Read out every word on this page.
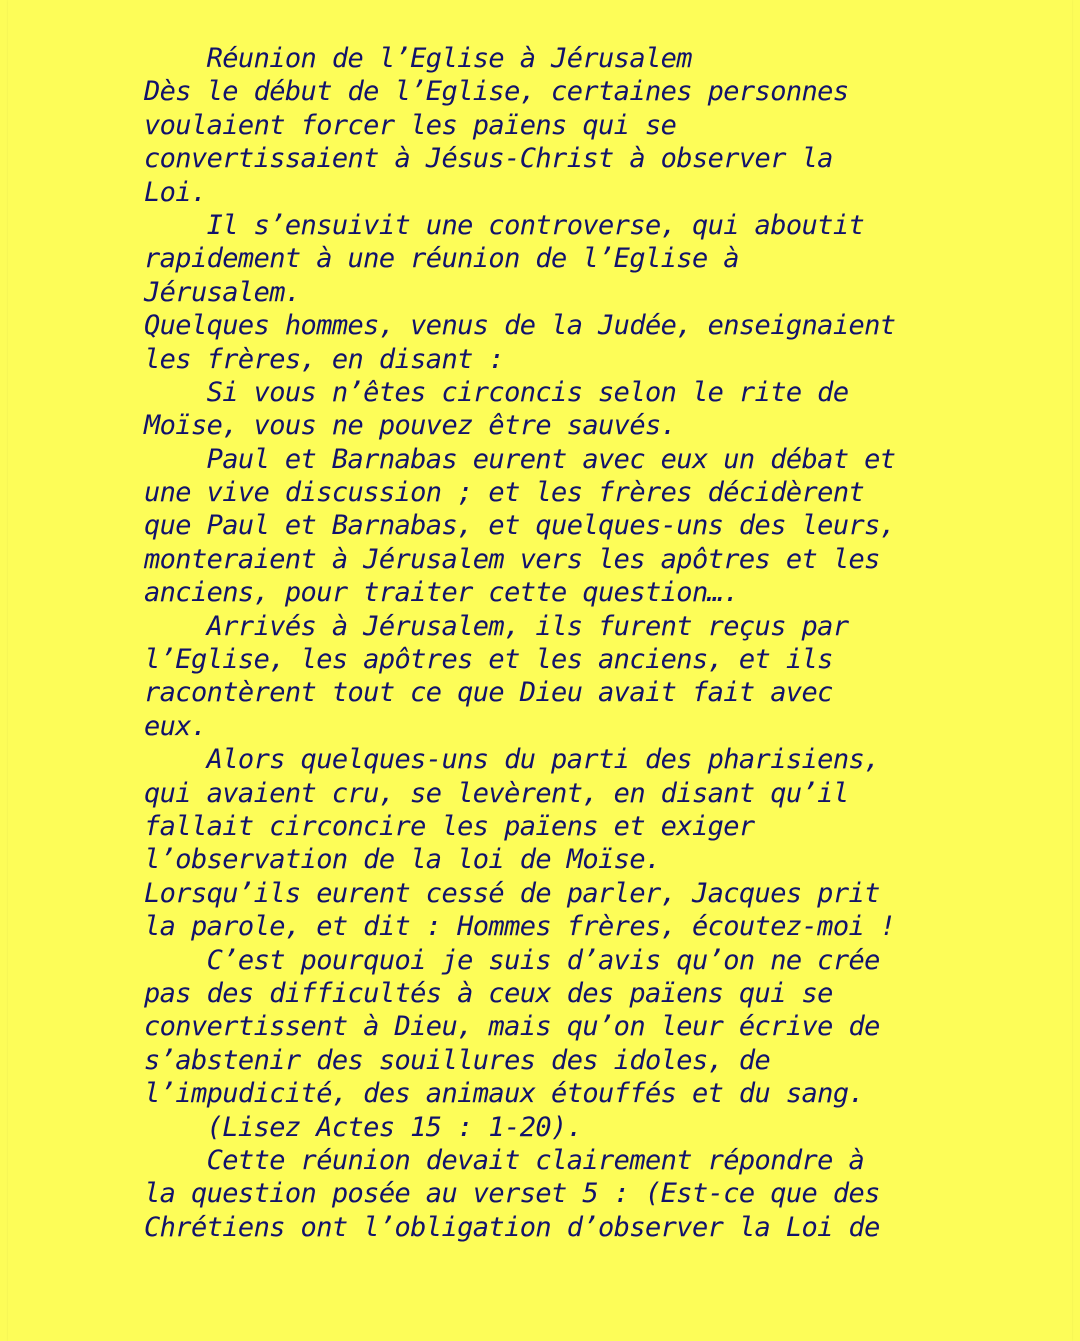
Réunion de l’Eglise à Jérusalem
Dès le début de l’Eglise, certaines personnes
voulaient forcer les païens qui se
convertissaient à Jésus-Christ à observer la
Loi.
Il s’ensuivit une controverse, qui aboutit
rapidement à une réunion de l’Eglise à
Jérusalem.
Quelques hommes, venus de la Judée, enseignaient
les frères, en disant :
Si vous n’êtes circoncis selon le rite de
Moïse, vous ne pouvez être sauvés.
Paul et Barnabas eurent avec eux un débat et
une vive discussion ; et les frères décidèrent
que Paul et Barnabas, et quelques-uns des leurs,
monteraient à Jérusalem vers les apôtres et les
anciens, pour traiter cette question….
Arrivés à Jérusalem, ils furent reçus par
l’Eglise, les apôtres et les anciens, et ils
racontèrent tout ce que Dieu avait fait avec
eux.
Alors quelques-uns du parti des pharisiens,
qui avaient cru, se levèrent, en disant qu’il
fallait circoncire les païens et exiger
l’observation de la loi de Moïse.
Lorsqu’ils eurent cessé de parler, Jacques prit
la parole, et dit : Hommes frères, écoutez-moi !
C’est pourquoi je suis d’avis qu’on ne crée
pas des difficultés à ceux des païens qui se
convertissent à Dieu, mais qu’on leur écrive de
s’abstenir des souillures des idoles, de
l’impudicité, des animaux étouffés et du sang.
(Lisez Actes 15 : 1-20).
Cette réunion devait clairement répondre à
la question posée au verset 5 : (Est-ce que des
Chrétiens ont l’obligation d’observer la Loi de
